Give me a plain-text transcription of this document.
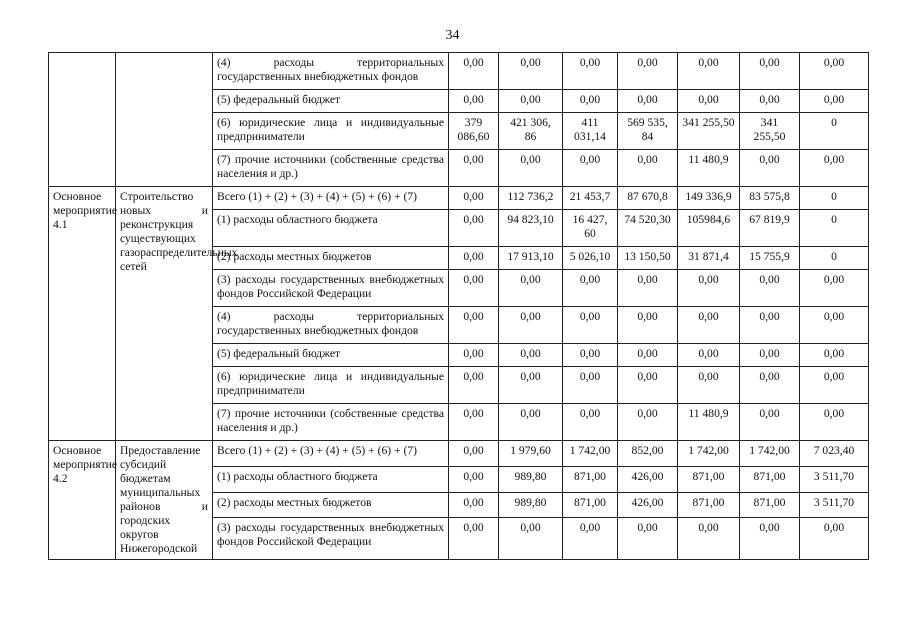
34
		(4) расходы территориальных государственных внебюджетных фондов	0,00	0,00	0,00	0,00	0,00	0,00	0,00
		(5) федеральный бюджет	0,00	0,00	0,00	0,00	0,00	0,00	0,00
		(6) юридические лица и индивидуальные предприниматели	379 086,60	421 306, 86	411 031,14	569 535, 84	341 255,50	341 255,50	0
		(7) прочие источники (собственные средства населения и др.)	0,00	0,00	0,00	0,00	11 480,9	0,00	0,00
Основное мероприятие 4.1	Строительство новых и реконструкция существующих газораспределительных сетей	Всего (1) + (2) + (3) + (4) + (5) + (6) + (7)	0,00	112 736,2	21 453,7	87 670,8	149 336,9	83 575,8	0
		(1) расходы областного бюджета	0,00	94 823,10	16 427, 60	74 520,30	105984,6	67 819,9	0
		(2) расходы местных бюджетов	0,00	17 913,10	5 026,10	13 150,50	31 871,4	15 755,9	0
		(3) расходы государственных внебюджетных фондов Российской Федерации	0,00	0,00	0,00	0,00	0,00	0,00	0,00
		(4) расходы территориальных государственных внебюджетных фондов	0,00	0,00	0,00	0,00	0,00	0,00	0,00
		(5) федеральный бюджет	0,00	0,00	0,00	0,00	0,00	0,00	0,00
		(6) юридические лица и индивидуальные предприниматели	0,00	0,00	0,00	0,00	0,00	0,00	0,00
		(7) прочие источники (собственные средства населения и др.)	0,00	0,00	0,00	0,00	11 480,9	0,00	0,00
Основное мероприятие 4.2	Предоставление субсидий бюджетам муниципальных районов и городских округов Нижегородской	Всего (1) + (2) + (3) + (4) + (5) + (6) + (7)	0,00	1 979,60	1 742,00	852,00	1 742,00	1 742,00	7 023,40
		(1) расходы областного бюджета	0,00	989,80	871,00	426,00	871,00	871,00	3 511,70
		(2) расходы местных бюджетов	0,00	989,80	871,00	426,00	871,00	871,00	3 511,70
		(3) расходы государственных внебюджетных фондов Российской Федерации	0,00	0,00	0,00	0,00	0,00	0,00	0,00
